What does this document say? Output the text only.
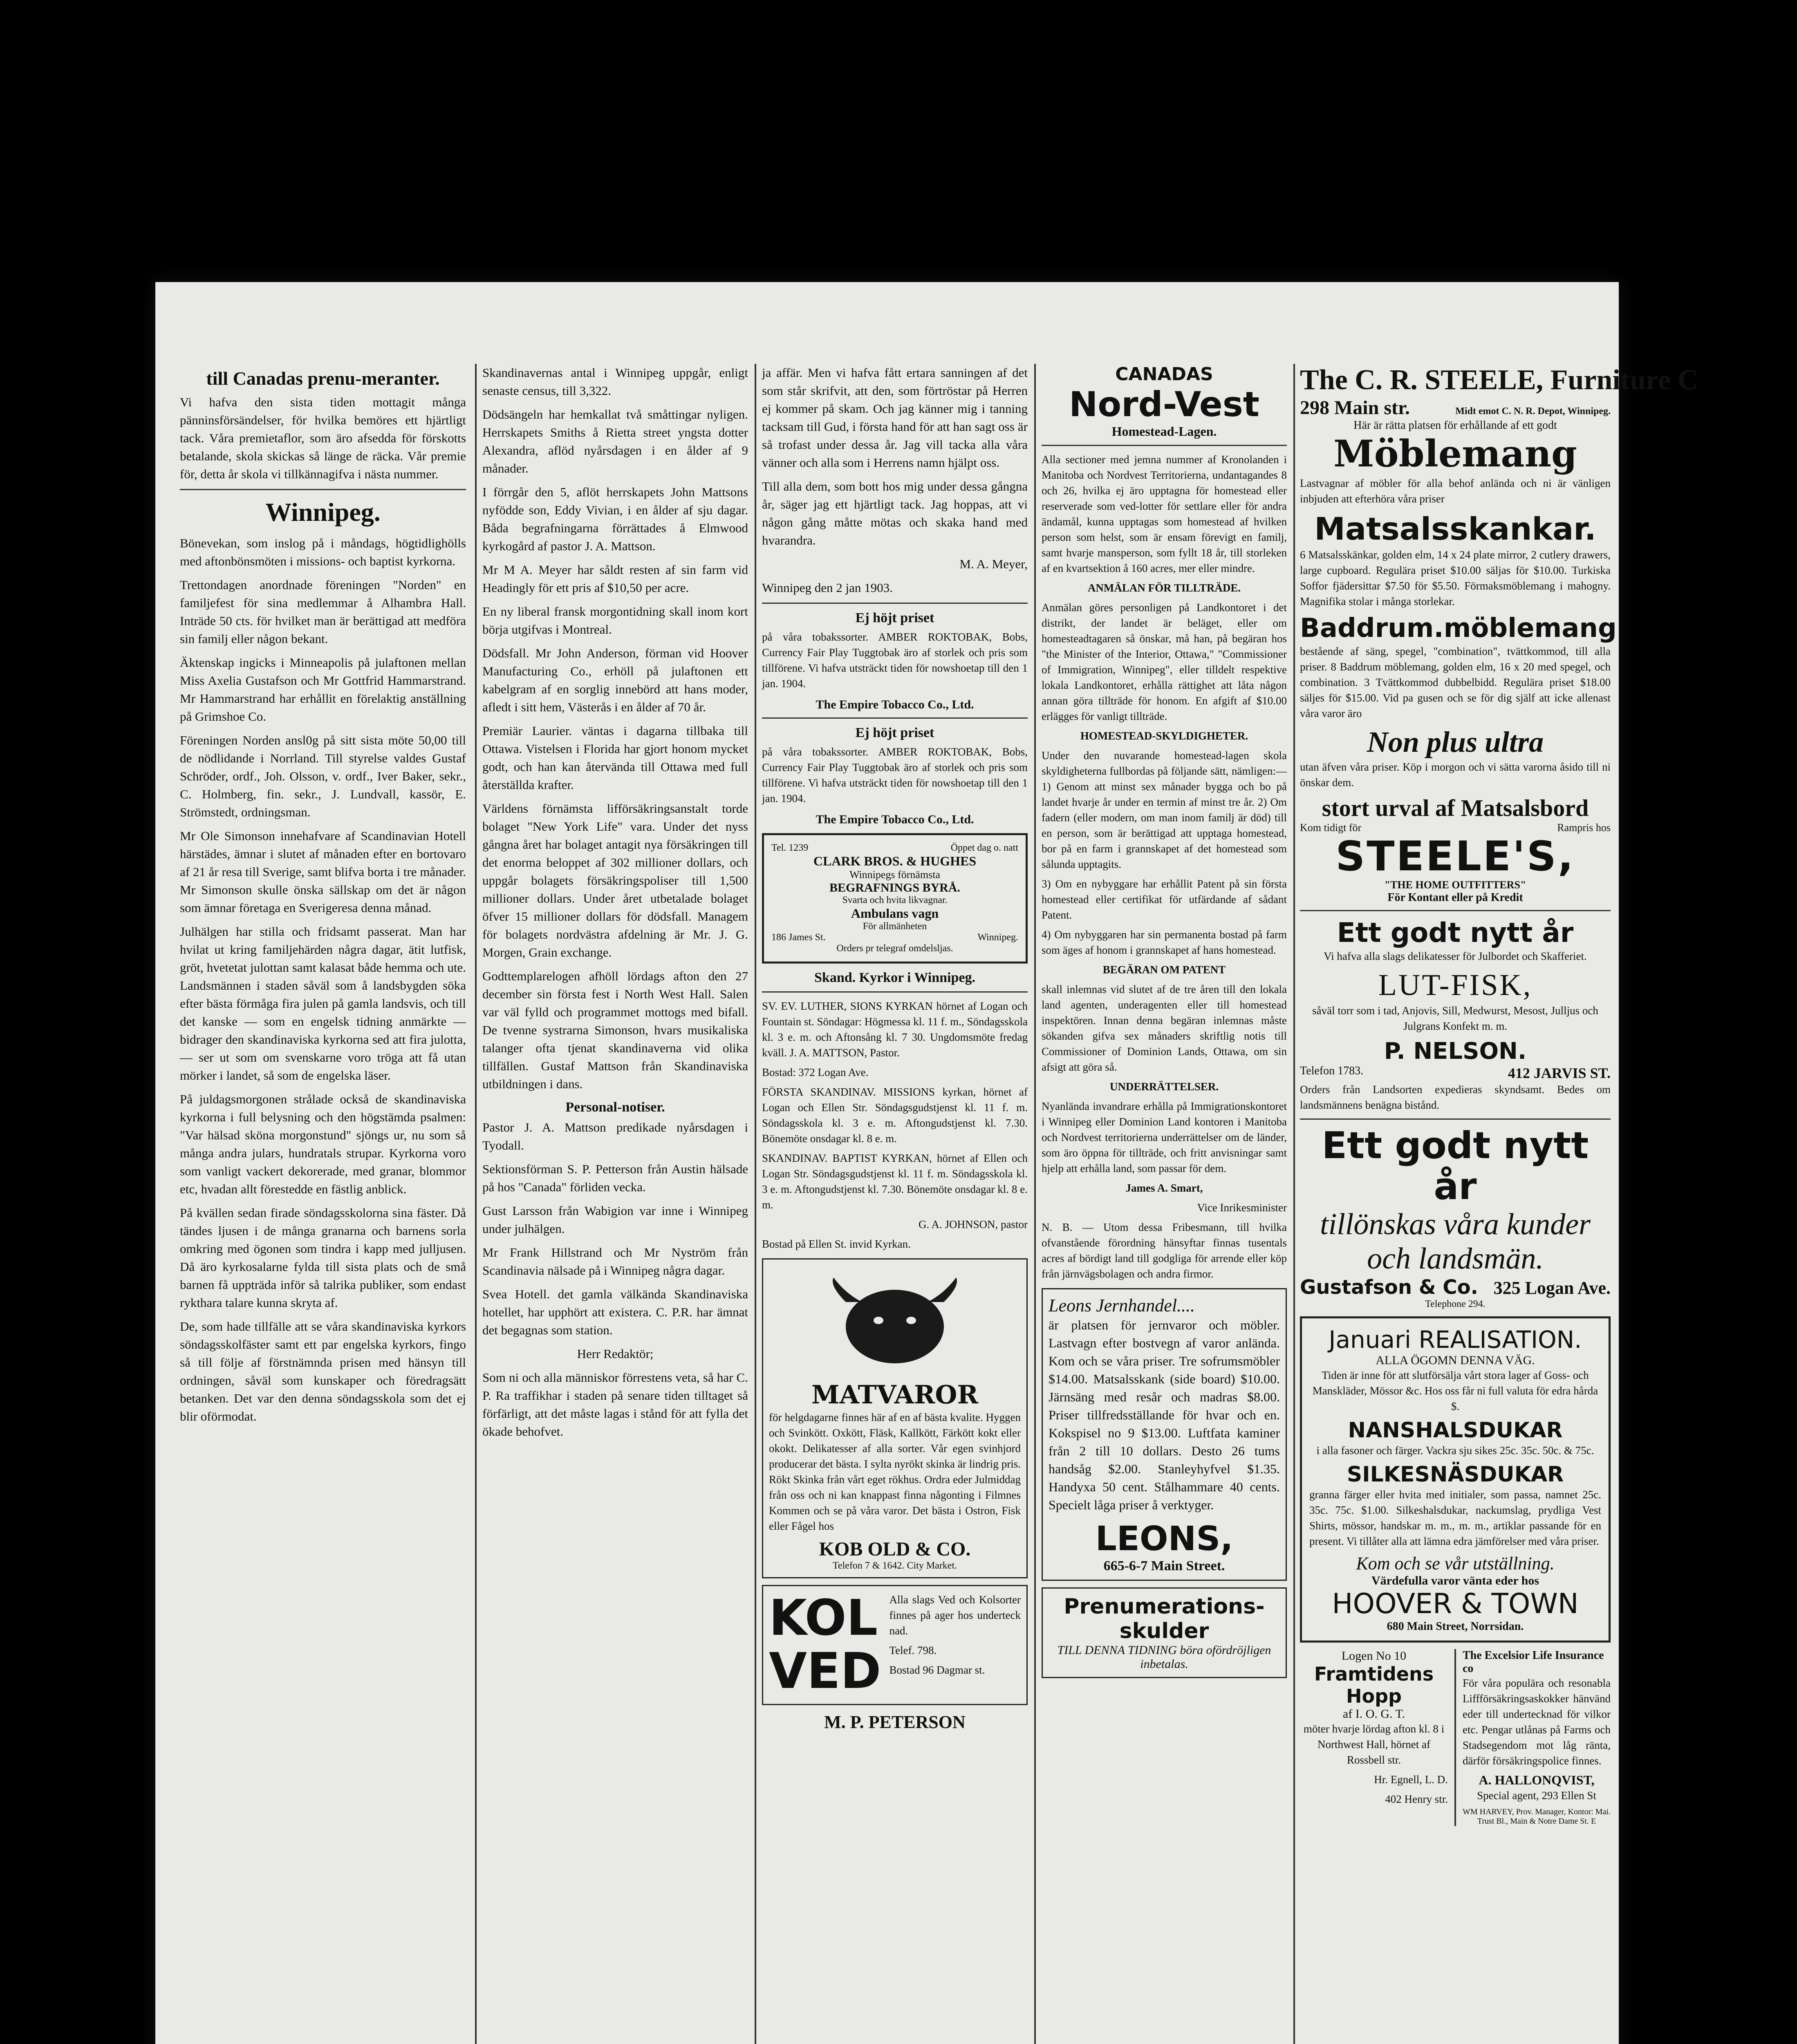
till Canadas prenu-meranter.

Vi hafva den sista tiden mottagit många pänninsförsändelser, för hvilka bemöres ett hjärtligt tack. Våra premietaflor, som äro afsedda för förskotts betalande, skola skickas så länge de räcka. Vår premie för, detta år skola vi tillkännagifva i nästa nummer.

Winnipeg.

Bönevekan, som inslog på i måndags, högtidlighölls med aftonbönsmöten i missions- och baptist kyrkorna.

Trettondagen anordnade föreningen "Norden" en familjefest för sina medlemmar å Alhambra Hall. Inträde 50 cts. för hvilket man är berättigad att medföra sin familj eller någon bekant.

Äktenskap ingicks i Minneapolis på julaftonen mellan Miss Axelia Gustafson och Mr Gottfrid Hammarstrand. Mr Hammarstrand har erhållit en förelaktig anställning på Grimshoe Co.

Föreningen Norden ansl0g på sitt sista möte 50,00 till de nödlidande i Norrland. Till styrelse valdes Gustaf Schröder, ordf., Joh. Olsson, v. ordf., Iver Baker, sekr., C. Holmberg, fin. sekr., J. Lundvall, kassör, E. Strömstedt, ordningsman.

Mr Ole Simonson innehafvare af Scandinavian Hotell härstädes, ämnar i slutet af månaden efter en bortovaro af 21 år resa till Sverige, samt blifva borta i tre månader. Mr Simonson skulle önska sällskap om det är någon som ämnar företaga en Sverigeresa denna månad.

Julhälgen har stilla och fridsamt passerat. Man har hvilat ut kring familjehärden några dagar, ätit lutfisk, gröt, hvetetat julottan samt kalasat både hemma och ute. Landsmännen i staden såväl som å landsbygden söka efter bästa förmåga fira julen på gamla landsvis, och till det kanske — som en engelsk tidning anmärkte — bidrager den skandinaviska kyrkorna sed att fira julotta, — ser ut som om svenskarne voro tröga att få utan mörker i landet, så som de engelska läser.

På juldagsmorgonen strålade också de skandinaviska kyrkorna i full belysning och den högstämda psalmen: "Var hälsad sköna morgonstund" sjöngs ur, nu som så många andra julars, hundratals strupar. Kyrkorna voro som vanligt vackert dekorerade, med granar, blommor etc, hvadan allt förestedde en fästlig anblick.

På kvällen sedan firade söndagsskolorna sina fäster. Då tändes ljusen i de många granarna och barnens sorla omkring med ögonen som tindra i kapp med julljusen. Då äro kyrkosalarne fylda till sista plats och de små barnen få uppträda inför så talrika publiker, som endast rykthara talare kunna skryta af.

De, som hade tillfälle att se våra skandinaviska kyrkors söndagsskolfäster samt ett par engelska kyrkors, fingo så till följe af förstnämnda prisen med hänsyn till ordningen, såväl som kunskaper och föredragsätt betanken. Det var den denna söndagsskola som det ej blir oförmodat.

Skandinavernas antal i Winnipeg uppgår, enligt senaste census, till 3,322.

Dödsängeln har hemkallat två småttingar nyligen. Herrskapets Smiths å Rietta street yngsta dotter Alexandra, aflöd nyårsdagen i en ålder af 9 månader.

I förrgår den 5, aflöt herrskapets John Mattsons nyfödde son, Eddy Vivian, i en ålder af sju dagar. Båda begrafningarna förrättades å Elmwood kyrkogård af pastor J. A. Mattson.

Mr M A. Meyer har såldt resten af sin farm vid Headingly för ett pris af $10,50 per acre.

En ny liberal fransk morgontidning skall inom kort börja utgifvas i Montreal.

Dödsfall. Mr John Anderson, förman vid Hoover Manufacturing Co., erhöll på julaftonen ett kabelgram af en sorglig innebörd att hans moder, afledt i sitt hem, Västerås i en ålder af 70 år.

Premiär Laurier. väntas i dagarna tillbaka till Ottawa. Vistelsen i Florida har gjort honom mycket godt, och han kan återvända till Ottawa med full återställda krafter.

Världens förnämsta lifförsäkringsanstalt torde bolaget "New York Life" vara. Under det nyss gångna året har bolaget antagit nya försäkringen till det enorma beloppet af 302 millioner dollars, och uppgår bolagets försäkringspoliser till 1,500 millioner dollars. Under året utbetalade bolaget öfver 15 millioner dollars för dödsfall. Managem för bolagets nordvästra afdelning är Mr. J. G. Morgen, Grain exchange.

Godttemplarelogen afhöll lördags afton den 27 december sin första fest i North West Hall. Salen var väl fylld och programmet mottogs med bifall. De tvenne systrarna Simonson, hvars musikaliska talanger ofta tjenat skandinaverna vid olika tillfällen. Gustaf Mattson från Skandinaviska utbildningen i dans.

Personal-notiser.

Pastor J. A. Mattson predikade nyårsdagen i Tyodall.

Sektionsförman S. P. Petterson från Austin hälsade på hos "Canada" förliden vecka.

Gust Larsson från Wabigion var inne i Winnipeg under julhälgen.

Mr Frank Hillstrand och Mr Nyström från Scandinavia nälsade på i Winnipeg några dagar.

Svea Hotell. det gamla välkända Skandinaviska hotellet, har upphört att existera. C. P.R. har ämnat det begagnas som station.

Herr Redaktör;

Som ni och alla människor förrestens veta, så har C. P. Ra traffikhar i staden på senare tiden tilltaget så förfärligt, att det måste lagas i stånd för att fylla det ökade behofvet.

ja affär. Men vi hafva fått ertara sanningen af det som står skrifvit, att den, som förtröstar på Herren ej kommer på skam. Och jag känner mig i tanning tacksam till Gud, i första hand för att han sagt oss är så trofast under dessa år. Jag vill tacka alla våra vänner och alla som i Herrens namn hjälpt oss.

Till alla dem, som bott hos mig under dessa gångna år, säger jag ett hjärtligt tack. Jag hoppas, att vi någon gång måtte mötas och skaka hand med hvarandra.

M. A. Meyer,

Winnipeg den 2 jan 1903.

Ej höjt priset

på våra tobakssorter. AMBER ROKTOBAK, Bobs, Currency Fair Play Tuggtobak äro af storlek och pris som tillförene. Vi hafva utsträckt tiden för nowshoetap till den 1 jan. 1904.

The Empire Tobacco Co., Ltd.
Ej höjt priset

på våra tobakssorter. AMBER ROKTOBAK, Bobs, Currency Fair Play Tuggtobak äro af storlek och pris som tillförene. Vi hafva utsträckt tiden för nowshoetap till den 1 jan. 1904.

The Empire Tobacco Co., Ltd.
Tel. 1239	Öppet dag o. natt
CLARK BROS. & HUGHES
Winnipegs förnämsta
BEGRAFNINGS BYRÅ.
Svarta och hvita likvagnar.
Ambulans vagn
För allmänheten
186 James St.	Winnipeg.
Orders pr telegraf omdelsljas.
Skand. Kyrkor i Winnipeg.

SV. EV. LUTHER, SIONS KYRKAN hörnet af Logan och Fountain st. Söndagar: Högmessa kl. 11 f. m., Söndagsskola kl. 3 e. m. och Aftonsång kl. 7 30. Ungdomsmöte fredag kväll. J. A. MATTSON, Pastor.

Bostad: 372 Logan Ave.

FÖRSTA SKANDINAV. MISSIONS kyrkan, hörnet af Logan och Ellen Str. Söndagsgudstjenst kl. 11 f. m. Söndagsskola kl. 3 e. m. Aftongudstjenst kl. 7.30. Bönemöte onsdagar kl. 8 e. m.

SKANDINAV. BAPTIST KYRKAN, hörnet af Ellen och Logan Str. Söndagsgudstjenst kl. 11 f. m. Söndagsskola kl. 3 e. m. Aftongudstjenst kl. 7.30. Bönemöte onsdagar kl. 8 e. m.

G. A. JOHNSON, pastor

Bostad på Ellen St. invid Kyrkan.

MATVAROR

för helgdagarne finnes här af en af bästa kvalite. Hyggen och Svinkött. Oxkött, Fläsk, Kallkött, Färkött kokt eller okokt. Delikatesser af alla sorter. Vår egen svinhjord producerar det bästa. I sylta nyrökt skinka är lindrig pris. Rökt Skinka från vårt eget rökhus. Ordra eder Julmiddag från oss och ni kan knappast finna någonting i Filmnes Kommen och se på våra varor. Det bästa i Ostron, Fisk eller Fågel hos

KOB OLD & CO.
Telefon 7 & 1642. City Market.
KOL
VED

Alla slags Ved och Kolsorter finnes på ager hos underteck nad.

Telef. 798.
Bostad 96 Dagmar st.
M. P. PETERSON
CANADAS
Nord-Vest
Homestead-Lagen.

Alla sectioner med jemna nummer af Kronolanden i Manitoba och Nordvest Territorierna, undantagandes 8 och 26, hvilka ej äro upptagna för homestead eller reserverade som ved-lotter för settlare eller för andra ändamål, kunna upptagas som homestead af hvilken person som helst, som är ensam förevigt en familj, samt hvarje mansperson, som fyllt 18 år, till storleken af en kvartsektion å 160 acres, mer eller mindre.

ANMÄLAN FÖR TILLTRÄDE.

Anmälan göres personligen på Landkontoret i det distrikt, der landet är beläget, eller om homesteadtagaren så önskar, må han, på begäran hos "the Minister of the Interior, Ottawa," "Commissioner of Immigration, Winnipeg", eller tilldelt respektive lokala Landkontoret, erhålla rättighet att låta någon annan göra tillträde för honom. En afgift af $10.00 erlägges för vanligt tillträde.

HOMESTEAD-SKYLDIGHETER.

Under den nuvarande homestead-lagen skola skyldigheterna fullbordas på följande sätt, nämligen:— 1) Genom att minst sex månader bygga och bo på landet hvarje år under en termin af minst tre år. 2) Om fadern (eller modern, om man inom familj är död) till en person, som är berättigad att upptaga homestead, bor på en farm i grannskapet af det homestead som sålunda upptagits.

3) Om en nybyggare har erhållit Patent på sin första homestead eller certifikat för utfärdande af sådant Patent.

4) Om nybyggaren har sin permanenta bostad på farm som äges af honom i grannskapet af hans homestead.

BEGÄRAN OM PATENT

skall inlemnas vid slutet af de tre åren till den lokala land agenten, underagenten eller till homestead inspektören. Innan denna begäran inlemnas måste sökanden gifva sex månaders skriftlig notis till Commissioner of Dominion Lands, Ottawa, om sin afsigt att göra så.

UNDERRÄTTELSER.

Nyanlända invandrare erhålla på Immigrationskontoret i Winnipeg eller Dominion Land kontoren i Manitoba och Nordvest territorierna underrättelser om de länder, som äro öppna för tillträde, och fritt anvisningar samt hjelp att erhålla land, som passar för dem.

James A. Smart,
Vice Inrikesminister

N. B. — Utom dessa Fribesmann, till hvilka ofvanstående förordning hänsyftar finnas tusentals acres af bördigt land till godgliga för arrende eller köp från järnvägsbolagen och andra firmor.

Leons Jernhandel....

är platsen för jernvaror och möbler. Lastvagn efter bostvegn af varor anlända. Kom och se våra priser. Tre sofrumsmöbler $14.00. Matsalsskank (side board) $10.00. Järnsäng med resår och madras $8.00. Priser tillfredsställande för hvar och en. Kokspisel no 9 $13.00. Luftfata kaminer från 2 till 10 dollars. Desto 26 tums handsåg $2.00. Stanleyhyfvel $1.35. Handyxa 50 cent. Stålhammare 40 cents. Specielt låga priser å verktyger.

LEONS,
665-6-7 Main Street.
Prenumerations-skulder
TILL DENNA TIDNING böra ofördröjligen inbetalas.
The C. R. STEELE, Furniture C
298 Main str.	Midt emot C. N. R. Depot, Winnipeg.
Här är rätta platsen för erhållande af ett godt
Möblemang

Lastvagnar af möbler för alla behof anlända och ni är vänligen inbjuden att efterhöra våra priser

Matsalsskankar.

6 Matsalsskänkar, golden elm, 14 x 24 plate mirror, 2 cutlery drawers, large cupboard. Regulära priset $10.00 säljas för $10.00. Turkiska Soffor fjädersittar $7.50 för $5.50. Förmaksmöblemang i mahogny. Magnifika stolar i många storlekar.

Baddrum.möblemang

bestående af säng, spegel, "combination", tvättkommod, till alla priser. 8 Baddrum möblemang, golden elm, 16 x 20 med spegel, och combination. 3 Tvättkommod dubbelbidd. Regulära priset $18.00 säljes för $15.00. Vid pa gusen och se för dig själf att icke allenast våra varor äro

Non plus ultra

utan äfven våra priser. Köp i morgon och vi sätta varorna åsido till ni önskar dem.

stort urval af Matsalsbord
Kom tidigt för	Rampris hos
STEELE'S,
"THE HOME OUTFITTERS"
För Kontant eller på Kredit
Ett godt nytt år

Vi hafva alla slags delikatesser för Julbordet och Skafferiet.

LUT-FISK,

såväl torr som i tad, Anjovis, Sill, Medwurst, Mesost, Julljus och Julgrans Konfekt m. m.

P. NELSON.
Telefon 1783.	412 JARVIS ST.

Orders från Landsorten expedieras skyndsamt. Bedes om landsmännens benägna bistånd.

Ett godt nytt år
tillönskas våra kunder och landsmän.
Gustafson & Co. 325 Logan Ave.
Telephone 294.
Januari REALISATION.
ALLA ÖGOMN DENNA VÄG.

Tiden är inne för att slutförsälja vårt stora lager af Goss- och Manskläder, Mössor &c. Hos oss får ni full valuta för edra hårda $.

NANSHALSDUKAR

i alla fasoner och färger. Vackra sju sikes 25c. 35c. 50c. & 75c.

SILKESNÄSDUKAR

granna färger eller hvita med initialer, som passa, namnet 25c. 35c. 75c. $1.00. Silkeshalsdukar, nackumslag, prydliga Vest Shirts, mössor, handskar m. m., m. m., artiklar passande för en present. Vi tillåter alla att lämna edra jämförelser med våra priser.

Kom och se vår utställning.
Värdefulla varor vänta eder hos
HOOVER & TOWN
680 Main Street, Norrsidan.
Logen No 10
Framtidens Hopp
af I. O. G. T.

möter hvarje lördag afton kl. 8 i Northwest Hall, hörnet af Rossbell str.

Hr. Egnell, L. D.
402 Henry str.
The Excelsior Life Insurance co

För våra populära och resonabla Liffförsäkringsaskokker hänvänd eder till undertecknad för vilkor etc. Pengar utlånas på Farms och Stadsegendom mot låg ränta, därför försäkringspolice finnes.

A. HALLONQVIST,
Special agent, 293 Ellen St
WM HARVEY, Prov. Manager, Kontor: Mai. Trust Bl., Main & Notre Dame St. E
